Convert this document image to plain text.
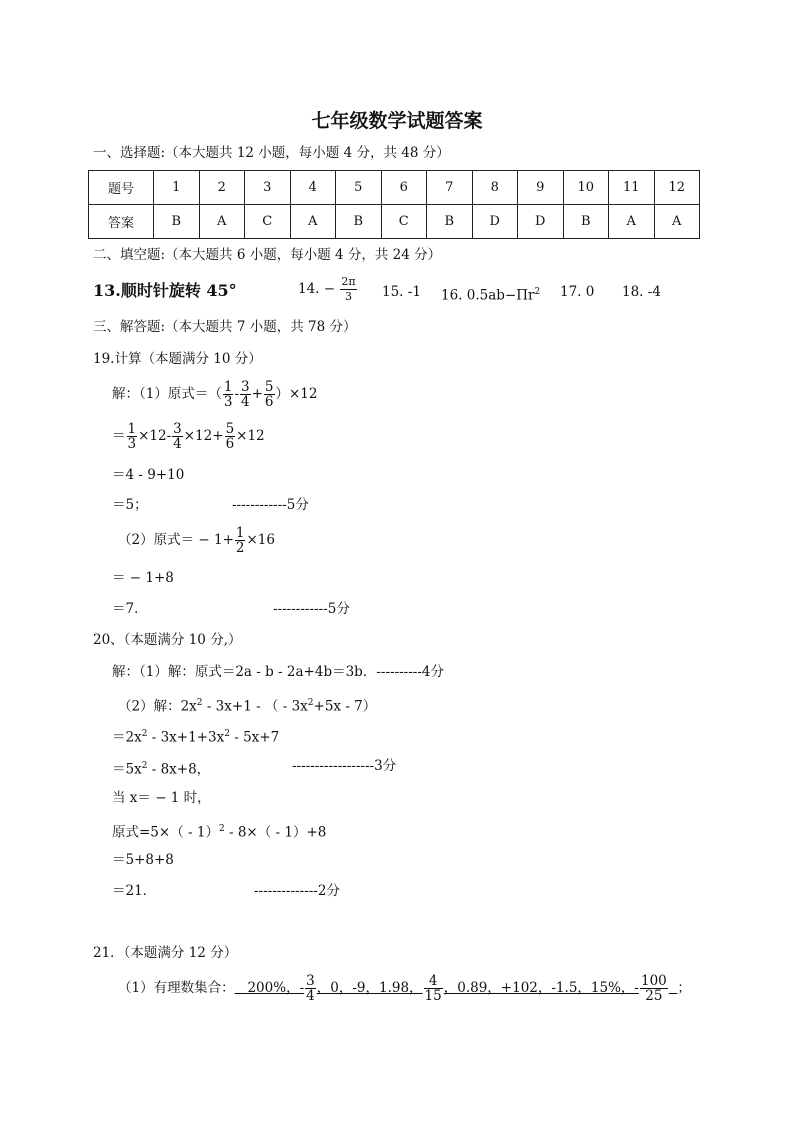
七年级数学试题答案
一、选择题:（本大题共 12 小题，每小题 4 分，共 48 分）
题号	1	2	3	4	5	6	7	8	9	10	11	12
答案	B	A	C	A	B	C	B	D	D	B	A	A
二、填空题:（本大题共 6 小题，每小题 4 分，共 24 分）
13.顺时针旋转 45°	14. − $\frac{2\pi}{3} 15$. -1 16. $0.5ab-\Pi r^2$ 17. 0 18. -4
三、解答题:（本大题共 7 小题，共 78 分）
19.计算（本题满分 10 分）
解：（1）原式＝（ $\frac{1}{3} - \frac{3}{4} + \frac{5}{6} )\times 12$
＝ $\frac{1}{3} \times 12- \frac{3}{4} \times 12+ \frac{5}{6} \times 12$
＝4 - 9+10
＝5；	------------5分
（2）原式＝ − $1+ \frac{1}{2} \times 16$
＝ − 1+8
＝7．	------------5分
20、（本题满分 10 分,）
解：（1）解：原式＝2a - b - 2a+4b＝3b．----------4分
（2）解：$2x^2 - 3x+1$ - （ - $3x^2+5x - 7$）
$=2x^2 - 3x+1+3x^2 - 5x+7$
$=5x^2 - 8x+8$，	------------------3分
当 x＝ − 1 时，
原式=5×（ - 1）$^2$ - 8×（ - 1）+8
＝5+8+8
＝21．	--------------2分
21．（本题满分 12 分）
（1）有理数集合： 200%，- $\frac{3}{4}$ ，0，-9，1.98， $\frac{4}{15}$ ，0.89，+102，-1.5，15%，- $\frac{100}{25}$ ；
